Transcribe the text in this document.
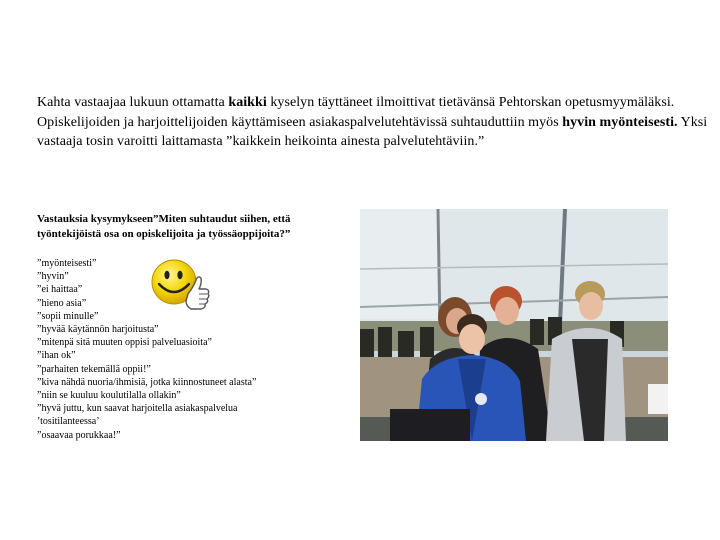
Kahta vastaajaa lukuun ottamatta kaikki kyselyn täyttäneet ilmoittivat tietävänsä Pehtorskan opetusmyymäläksi. Opiskelijoiden ja harjoittelijoiden käyttämiseen asiakaspalvelutehtävissä suhtauduttiin myös hyvin myönteisesti. Yksi vastaaja tosin varoitti laittamasta ”kaikkein heikointa ainesta palvelutehtäviin.”
Vastauksia kysymykseen”Miten suhtaudut siihen, että työntekijöistä osa on opiskelijoita ja työssäoppijoita?”
”myönteisesti”
”hyvin”
”ei haittaa”
”hieno asia”
”sopii minulle”
”hyvää käytännön harjoitusta”
”mitenpä sitä muuten oppisi palveluasioita”
”ihan ok”
”parhaiten tekemällä oppii!”
”kiva nähdä nuoria/ihmisiä, jotka kiinnostuneet alasta”
”niin se kuuluu koulutilalla ollakin”
”hyvä juttu, kun saavat harjoitella asiakaspalvelua
’tositilanteessa’
”osaavaa porukkaa!”
